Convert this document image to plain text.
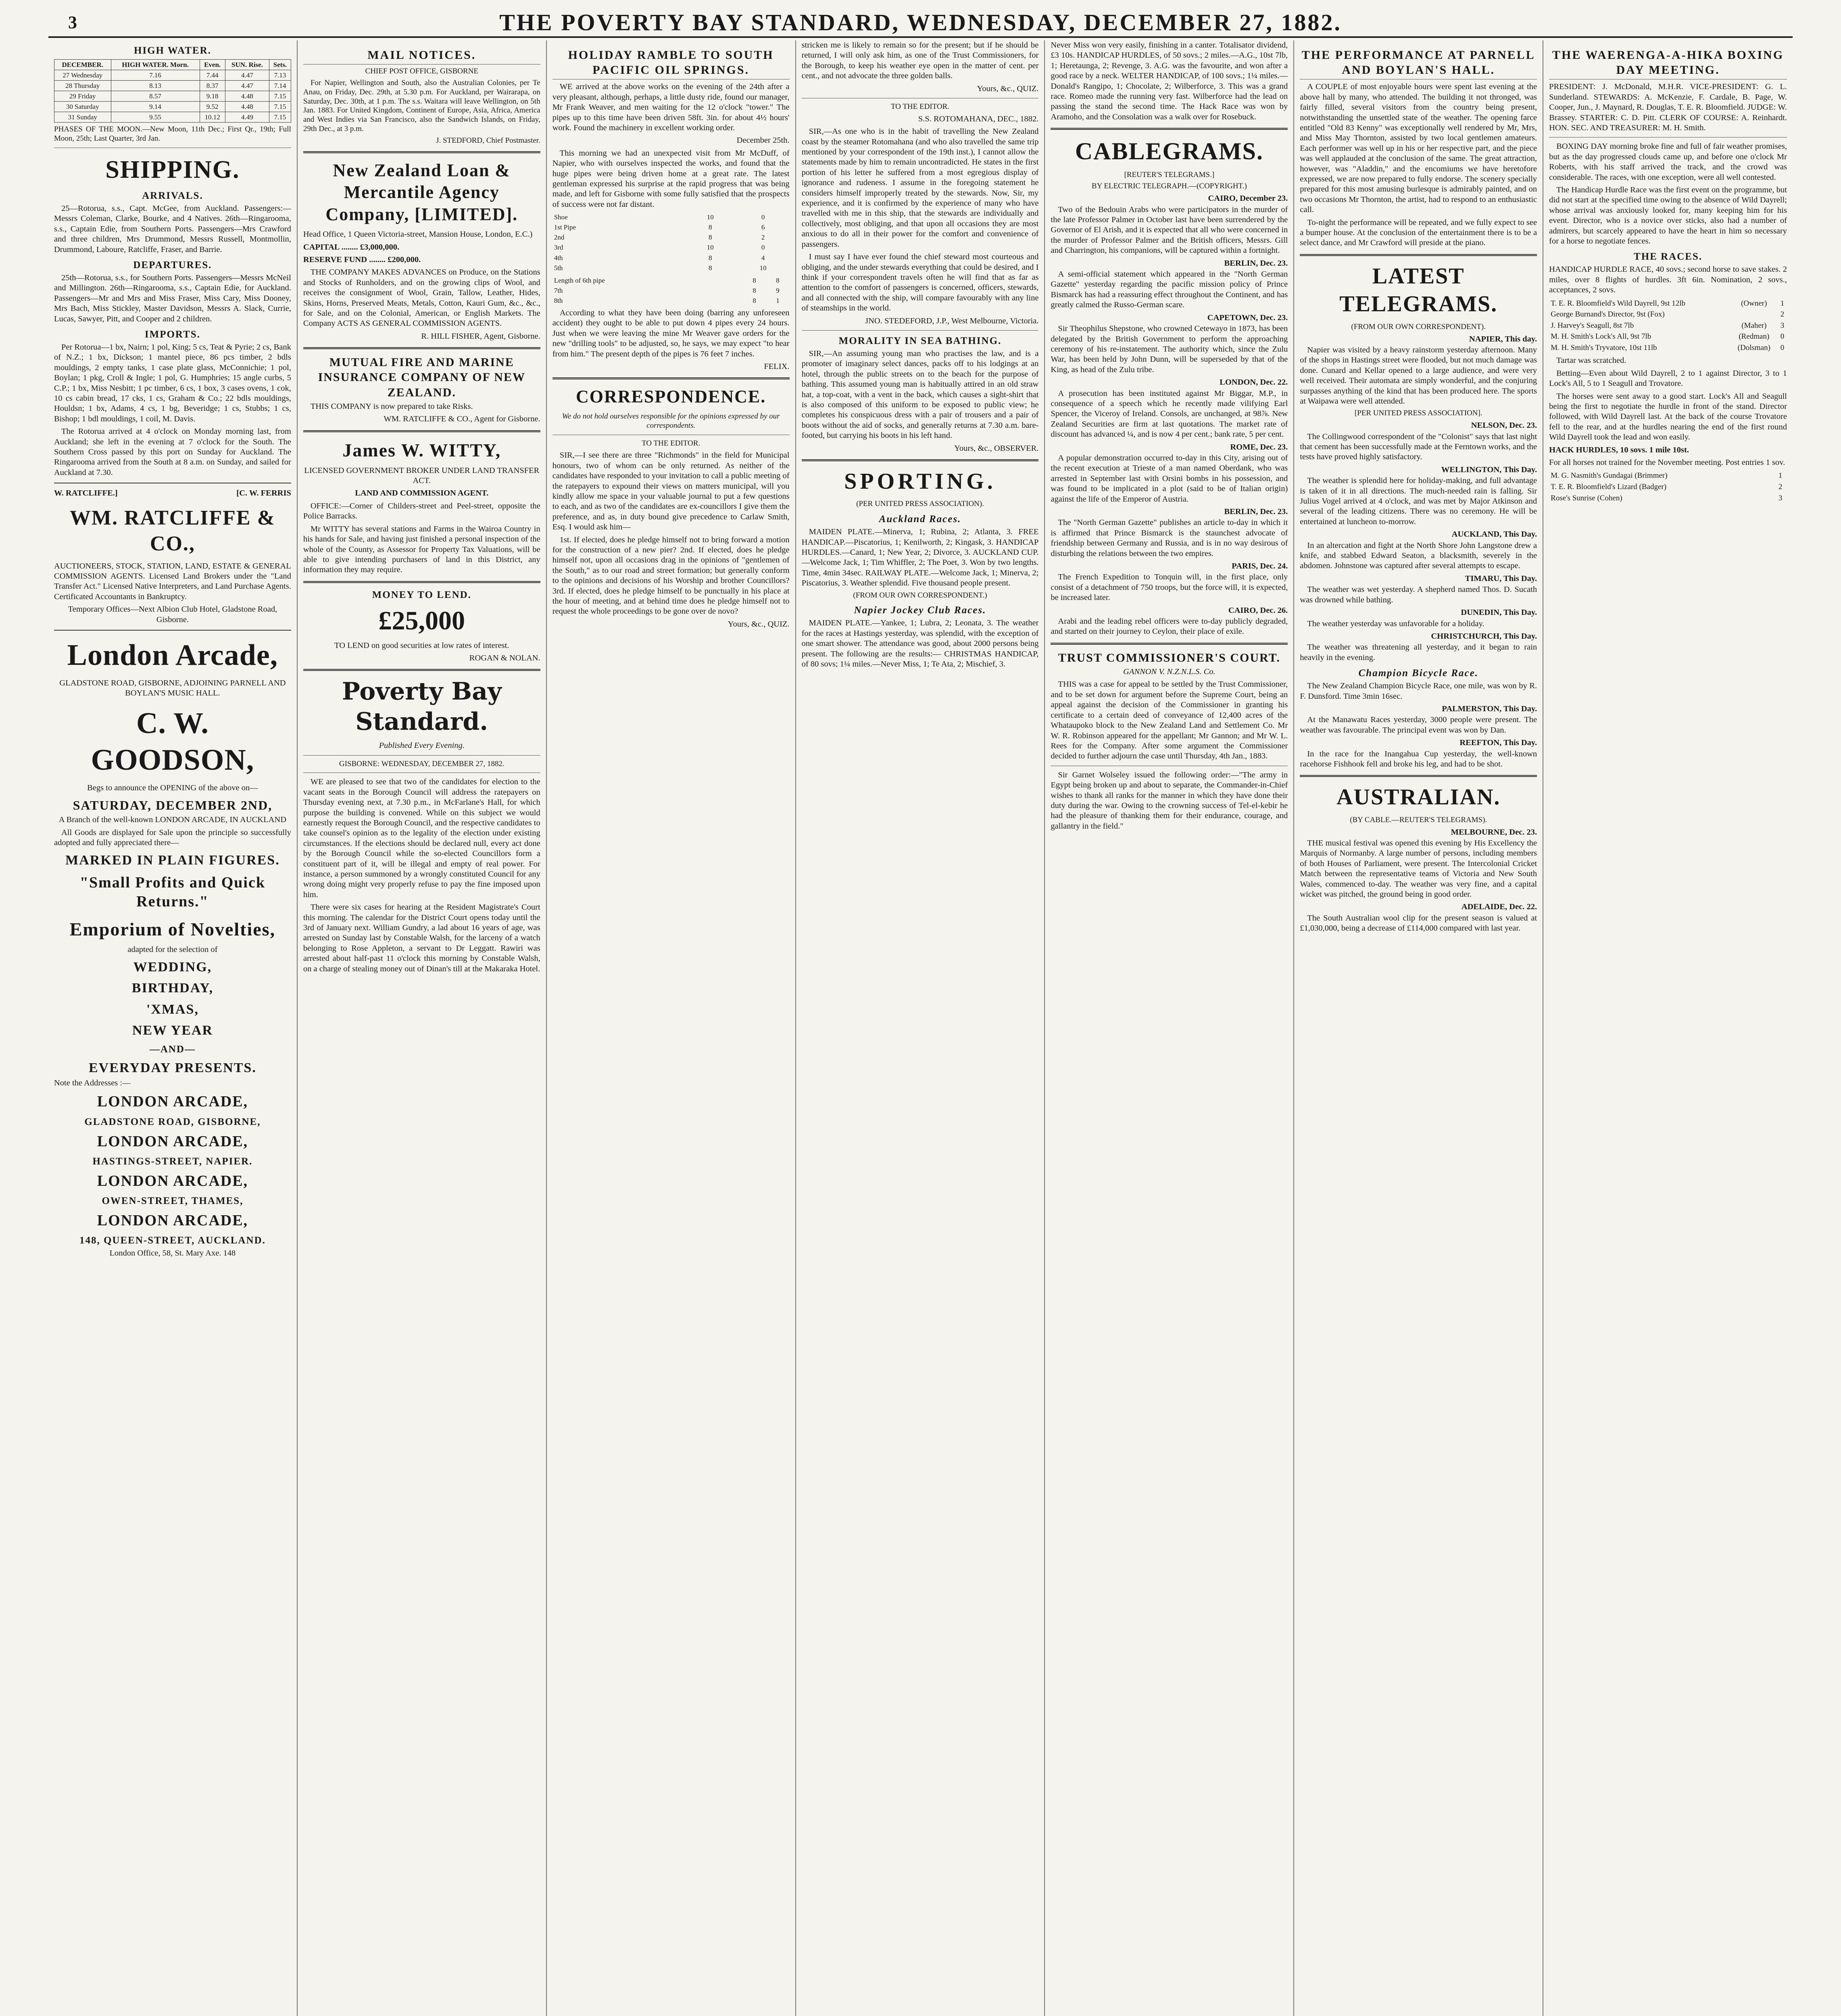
3	THE POVERTY BAY STANDARD, WEDNESDAY, DECEMBER 27, 1882.
HIGH WATER.
DECEMBER.	HIGH WATER. Morn.	Even.	SUN. Rise.	Sets.
27 Wednesday	7.16	7.44	4.47	7.13
28 Thursday	8.13	8.37	4.47	7.14
29 Friday	8.57	9.18	4.48	7.15
30 Saturday	9.14	9.52	4.48	7.15
31 Sunday	9.55	10.12	4.49	7.15

PHASES OF THE MOON.—New Moon, 11th Dec.; First Qr., 19th; Full Moon, 25th; Last Quarter, 3rd Jan.

SHIPPING.
ARRIVALS.

25—Rotorua, s.s., Capt. McGee, from Auckland. Passengers:— Messrs Coleman, Clarke, Bourke, and 4 Natives. 26th—Ringarooma, s.s., Captain Edie, from Southern Ports. Passengers—Mrs Crawford and three children, Mrs Drummond, Messrs Russell, Montmollin, Drummond, Laboure, Ratcliffe, Fraser, and Barrie.

DEPARTURES.

25th—Rotorua, s.s., for Southern Ports. Passengers—Messrs McNeil and Millington. 26th—Ringarooma, s.s., Captain Edie, for Auckland. Passengers—Mr and Mrs and Miss Fraser, Miss Cary, Miss Dooney, Mrs Bach, Miss Stickley, Master Davidson, Messrs A. Slack, Currie, Lucas, Sawyer, Pitt, and Cooper and 2 children.

IMPORTS.

Per Rotorua—1 bx, Nairn; 1 pol, King; 5 cs, Teat & Pyrie; 2 cs, Bank of N.Z.; 1 bx, Dickson; 1 mantel piece, 86 pcs timber, 2 bdls mouldings, 2 empty tanks, 1 case plate glass, McConnichie; 1 pol, Boylan; 1 pkg, Croll & Ingle; 1 pol, G. Humphries; 15 angle curbs, 5 C.P.; 1 bx, Miss Nesbitt; 1 pc timber, 6 cs, 1 box, 3 cases ovens, 1 cok, 10 cs cabin bread, 17 cks, 1 cs, Graham & Co.; 22 bdls mouldings, Houldsn; 1 bx, Adams, 4 cs, 1 bg, Beveridge; 1 cs, Stubbs; 1 cs, Bishop; 1 bdl mouldings, 1 coil, M. Davis.

The Rotorua arrived at 4 o'clock on Monday morning last, from Auckland; she left in the evening at 7 o'clock for the South. The Southern Cross passed by this port on Sunday for Auckland. The Ringarooma arrived from the South at 8 a.m. on Sunday, and sailed for Auckland at 7.30.

W. RATCLIFFE.]	[C. W. FERRIS
WM. RATCLIFFE & CO.,

AUCTIONEERS, STOCK, STATION, LAND, ESTATE & GENERAL COMMISSION AGENTS. Licensed Land Brokers under the "Land Transfer Act." Licensed Native Interpreters, and Land Purchase Agents. Certificated Accountants in Bankruptcy.

Temporary Offices—Next Albion Club Hotel, Gladstone Road, Gisborne.

London Arcade,

GLADSTONE ROAD, GISBORNE, ADJOINING PARNELL AND BOYLAN'S MUSIC HALL.

C. W. GOODSON,

Begs to announce the OPENING of the above on—

SATURDAY, DECEMBER 2ND,

A Branch of the well-known LONDON ARCADE, IN AUCKLAND

All Goods are displayed for Sale upon the principle so successfully adopted and fully appreciated there—

MARKED IN PLAIN FIGURES.
"Small Profits and Quick Returns."
Emporium of Novelties,

adapted for the selection of

WEDDING,
BIRTHDAY,
'XMAS,
NEW YEAR
—AND—
EVERYDAY PRESENTS.

Note the Addresses :—

LONDON ARCADE,
GLADSTONE ROAD, GISBORNE,
LONDON ARCADE,
HASTINGS-STREET, NAPIER.
LONDON ARCADE,
OWEN-STREET, THAMES,
LONDON ARCADE,
148, QUEEN-STREET, AUCKLAND.

London Office, 58, St. Mary Axe. 148

MAIL NOTICES.

CHIEF POST OFFICE, GISBORNE

For Napier, Wellington and South, also the Australian Colonies, per Te Anau, on Friday, Dec. 29th, at 5.30 p.m. For Auckland, per Wairarapa, on Saturday, Dec. 30th, at 1 p.m. The s.s. Waitara will leave Wellington, on 5th Jan. 1883. For United Kingdom, Continent of Europe, Asia, Africa, America and West Indies via San Francisco, also the Sandwich Islands, on Friday, 29th Dec., at 3 p.m.

J. STEDFORD, Chief Postmaster.

New Zealand Loan & Mercantile Agency Company, [LIMITED].

Head Office, 1 Queen Victoria-street, Mansion House, London, E.C.)

CAPITAL ........ £3,000,000.

RESERVE FUND ........ £200,000.

THE COMPANY MAKES ADVANCES on Produce, on the Stations and Stocks of Runholders, and on the growing clips of Wool, and receives the consignment of Wool, Grain, Tallow, Leather, Hides, Skins, Horns, Preserved Meats, Metals, Cotton, Kauri Gum, &c., &c., for Sale, and on the Colonial, American, or English Markets. The Company ACTS AS GENERAL COMMISSION AGENTS.

R. HILL FISHER, Agent, Gisborne.

MUTUAL FIRE AND MARINE INSURANCE COMPANY OF NEW ZEALAND.

THIS COMPANY is now prepared to take Risks.

WM. RATCLIFFE & CO., Agent for Gisborne.

James W. WITTY,

LICENSED GOVERNMENT BROKER UNDER LAND TRANSFER ACT.

LAND AND COMMISSION AGENT.

OFFICE:—Corner of Childers-street and Peel-street, opposite the Police Barracks.

Mr WITTY has several stations and Farms in the Wairoa Country in his hands for Sale, and having just finished a personal inspection of the whole of the County, as Assessor for Property Tax Valuations, will be able to give intending purchasers of land in this District, any information they may require.

MONEY TO LEND.
£25,000

TO LEND on good securities at low rates of interest.

ROGAN & NOLAN.

Poverty Bay Standard.

Published Every Evening.

GISBORNE: WEDNESDAY, DECEMBER 27, 1882.

WE are pleased to see that two of the candidates for election to the vacant seats in the Borough Council will address the ratepayers on Thursday evening next, at 7.30 p.m., in McFarlane's Hall, for which purpose the building is convened. While on this subject we would earnestly request the Borough Council, and the respective candidates to take counsel's opinion as to the legality of the election under existing circumstances. If the elections should be declared null, every act done by the Borough Council while the so-elected Councillors form a constituent part of it, will be illegal and empty of real power. For instance, a person summoned by a wrongly constituted Council for any wrong doing might very properly refuse to pay the fine imposed upon him.

There were six cases for hearing at the Resident Magistrate's Court this morning. The calendar for the District Court opens today until the 3rd of January next. William Gundry, a lad about 16 years of age, was arrested on Sunday last by Constable Walsh, for the larceny of a watch belonging to Rose Appleton, a servant to Dr Leggatt. Rawiri was arrested about half-past 11 o'clock this morning by Constable Walsh, on a charge of stealing money out of Dinan's till at the Makaraka Hotel.

HOLIDAY RAMBLE TO SOUTH PACIFIC OIL SPRINGS.

WE arrived at the above works on the evening of the 24th after a very pleasant, although, perhaps, a little dusty ride, found our manager, Mr Frank Weaver, and men waiting for the 12 o'clock "tower." The pipes up to this time have been driven 58ft. 3in. for about 4½ hours' work. Found the machinery in excellent working order.

December 25th.

This morning we had an unexpected visit from Mr McDuff, of Napier, who with ourselves inspected the works, and found that the huge pipes were being driven home at a great rate. The latest gentleman expressed his surprise at the rapid progress that was being made, and left for Gisborne with some fully satisfied that the prospects of success were not far distant.

Shoe	10	0
1st Pipe	8	6
2nd	8	2
3rd	10	0
4th	8	4
5th	8	10
Length of 6th pipe	8	8
7th	8	9
8th	8	1

According to what they have been doing (barring any unforeseen accident) they ought to be able to put down 4 pipes every 24 hours. Just when we were leaving the mine Mr Weaver gave orders for the new "drilling tools" to be adjusted, so, he says, we may expect "to hear from him." The present depth of the pipes is 76 feet 7 inches.

FELIX.

CORRESPONDENCE.

We do not hold ourselves responsible for the opinions expressed by our correspondents.

TO THE EDITOR.

SIR,—I see there are three "Richmonds" in the field for Municipal honours, two of whom can be only returned. As neither of the candidates have responded to your invitation to call a public meeting of the ratepayers to expound their views on matters municipal, will you kindly allow me space in your valuable journal to put a few questions to each, and as two of the candidates are ex-councillors I give them the preference, and as, in duty bound give precedence to Carlaw Smith, Esq. I would ask him—

1st. If elected, does he pledge himself not to bring forward a motion for the construction of a new pier? 2nd. If elected, does he pledge himself not, upon all occasions drag in the opinions of "gentlemen of the South," as to our road and street formation; but generally conform to the opinions and decisions of his Worship and brother Councillors? 3rd. If elected, does he pledge himself to be punctually in his place at the hour of meeting, and at behind time does he pledge himself not to request the whole proceedings to be gone over de novo?

Yours, &c., QUIZ.

stricken me is likely to remain so for the present; but if he should be returned, I will only ask him, as one of the Trust Commissioners, for the Borough, to keep his weather eye open in the matter of cent. per cent., and not advocate the three golden balls.

Yours, &c., QUIZ.

TO THE EDITOR.

S.S. ROTOMAHANA, DEC., 1882.

SIR,—As one who is in the habit of travelling the New Zealand coast by the steamer Rotomahana (and who also travelled the same trip mentioned by your correspondent of the 19th inst.), I cannot allow the statements made by him to remain uncontradicted. He states in the first portion of his letter he suffered from a most egregious display of ignorance and rudeness. I assume in the foregoing statement he considers himself improperly treated by the stewards. Now, Sir, my experience, and it is confirmed by the experience of many who have travelled with me in this ship, that the stewards are individually and collectively, most obliging, and that upon all occasions they are most anxious to do all in their power for the comfort and convenience of passengers.

I must say I have ever found the chief steward most courteous and obliging, and the under stewards everything that could be desired, and I think if your correspondent travels often he will find that as far as attention to the comfort of passengers is concerned, officers, stewards, and all connected with the ship, will compare favourably with any line of steamships in the world.

JNO. STEDEFORD, J.P., West Melbourne, Victoria.

MORALITY IN SEA BATHING.

SIR,—An assuming young man who practises the law, and is a promoter of imaginary select dances, packs off to his lodgings at an hotel, through the public streets on to the beach for the purpose of bathing. This assumed young man is habitually attired in an old straw hat, a top-coat, with a vent in the back, which causes a sight-shirt that is also composed of this uniform to be exposed to public view; he completes his conspicuous dress with a pair of trousers and a pair of boots without the aid of socks, and generally returns at 7.30 a.m. bare-footed, but carrying his boots in his left hand.

Yours, &c., OBSERVER.

SPORTING.

(PER UNITED PRESS ASSOCIATION).

Auckland Races.

MAIDEN PLATE.—Minerva, 1; Rubina, 2; Atlanta, 3. FREE HANDICAP.—Piscatorius, 1; Kenilworth, 2; Kingask, 3. HANDICAP HURDLES.—Canard, 1; New Year, 2; Divorce, 3. AUCKLAND CUP.—Welcome Jack, 1; Tim Whiffler, 2; The Poet, 3. Won by two lengths. Time, 4min 34sec. RAILWAY PLATE.—Welcome Jack, 1; Minerva, 2; Piscatorius, 3. Weather splendid. Five thousand people present.

(FROM OUR OWN CORRESPONDENT.)

Napier Jockey Club Races.

MAIDEN PLATE.—Yankee, 1; Lubra, 2; Leonata, 3. The weather for the races at Hastings yesterday, was splendid, with the exception of one smart shower. The attendance was good, about 2000 persons being present. The following are the results:— CHRISTMAS HANDICAP, of 80 sovs; 1¼ miles.—Never Miss, 1; Te Ata, 2; Mischief, 3.

Never Miss won very easily, finishing in a canter. Totalisator dividend, £3 10s. HANDICAP HURDLES, of 50 sovs.; 2 miles.—A.G., 10st 7lb, 1; Heretaunga, 2; Revenge, 3. A.G. was the favourite, and won after a good race by a neck. WELTER HANDICAP, of 100 sovs.; 1¼ miles.—Donald's Rangipo, 1; Chocolate, 2; Wilberforce, 3. This was a grand race. Romeo made the running very fast. Wilberforce had the lead on passing the stand the second time. The Hack Race was won by Aramoho, and the Consolation was a walk over for Rosebuck.

CABLEGRAMS.

[REUTER'S TELEGRAMS.]

BY ELECTRIC TELEGRAPH.—(COPYRIGHT.)

CAIRO, December 23.

Two of the Bedouin Arabs who were participators in the murder of the late Professor Palmer in October last have been surrendered by the Governor of El Arish, and it is expected that all who were concerned in the murder of Professor Palmer and the British officers, Messrs. Gill and Charrington, his companions, will be captured within a fortnight.

BERLIN, Dec. 23.

A semi-official statement which appeared in the "North German Gazette" yesterday regarding the pacific mission policy of Prince Bismarck has had a reassuring effect throughout the Continent, and has greatly calmed the Russo-German scare.

CAPETOWN, Dec. 23.

Sir Theophilus Shepstone, who crowned Cetewayo in 1873, has been delegated by the British Government to perform the approaching ceremony of his re-instatement. The authority which, since the Zulu War, has been held by John Dunn, will be superseded by that of the King, as head of the Zulu tribe.

LONDON, Dec. 22.

A prosecution has been instituted against Mr Biggar, M.P., in consequence of a speech which he recently made vilifying Earl Spencer, the Viceroy of Ireland. Consols, are unchanged, at 98⅞. New Zealand Securities are firm at last quotations. The market rate of discount has advanced ¼, and is now 4 per cent.; bank rate, 5 per cent.

ROME, Dec. 23.

A popular demonstration occurred to-day in this City, arising out of the recent execution at Trieste of a man named Oberdank, who was arrested in September last with Orsini bombs in his possession, and was found to be implicated in a plot (said to be of Italian origin) against the life of the Emperor of Austria.

BERLIN, Dec. 23.

The "North German Gazette" publishes an article to-day in which it is affirmed that Prince Bismarck is the staunchest advocate of friendship between Germany and Russia, and is in no way desirous of disturbing the relations between the two empires.

PARIS, Dec. 24.

The French Expedition to Tonquin will, in the first place, only consist of a detachment of 750 troops, but the force will, it is expected, be increased later.

CAIRO, Dec. 26.

Arabi and the leading rebel officers were to-day publicly degraded, and started on their journey to Ceylon, their place of exile.

TRUST COMMISSIONER'S COURT.

GANNON V. N.Z.N.L.S. Co.

THIS was a case for appeal to be settled by the Trust Commissioner, and to be set down for argument before the Supreme Court, being an appeal against the decision of the Commissioner in granting his certificate to a certain deed of conveyance of 12,400 acres of the Whataupoko block to the New Zealand Land and Settlement Co. Mr W. R. Robinson appeared for the appellant; Mr Gannon; and Mr W. L. Rees for the Company. After some argument the Commissioner decided to further adjourn the case until Thursday, 4th Jan., 1883.

Sir Garnet Wolseley issued the following order:—"The army in Egypt being broken up and about to separate, the Commander-in-Chief wishes to thank all ranks for the manner in which they have done their duty during the war. Owing to the crowning success of Tel-el-kebir he had the pleasure of thanking them for their endurance, courage, and gallantry in the field."

THE PERFORMANCE AT PARNELL AND BOYLAN'S HALL.

A COUPLE of most enjoyable hours were spent last evening at the above hall by many, who attended. The building it not thronged, was fairly filled, several visitors from the country being present, notwithstanding the unsettled state of the weather. The opening farce entitled "Old 83 Kenny" was exceptionally well rendered by Mr, Mrs, and Miss May Thornton, assisted by two local gentlemen amateurs. Each performer was well up in his or her respective part, and the piece was well applauded at the conclusion of the same. The great attraction, however, was "Aladdin," and the encomiums we have heretofore expressed, we are now prepared to fully endorse. The scenery specially prepared for this most amusing burlesque is admirably painted, and on two occasions Mr Thornton, the artist, had to respond to an enthusiastic call.

To-night the performance will be repeated, and we fully expect to see a bumper house. At the conclusion of the entertainment there is to be a select dance, and Mr Crawford will preside at the piano.

LATEST TELEGRAMS.

(FROM OUR OWN CORRESPONDENT).

NAPIER, This day.

Napier was visited by a heavy rainstorm yesterday afternoon. Many of the shops in Hastings street were flooded, but not much damage was done. Cunard and Kellar opened to a large audience, and were very well received. Their automata are simply wonderful, and the conjuring surpasses anything of the kind that has been produced here. The sports at Waipawa were well attended.

[PER UNITED PRESS ASSOCIATION].

NELSON, Dec. 23.

The Collingwood correspondent of the "Colonist" says that last night that cement has been successfully made at the Ferntown works, and the tests have proved highly satisfactory.

WELLINGTON, This Day.

The weather is splendid here for holiday-making, and full advantage is taken of it in all directions. The much-needed rain is falling. Sir Julius Vogel arrived at 4 o'clock, and was met by Major Atkinson and several of the leading citizens. There was no ceremony. He will be entertained at luncheon to-morrow.

AUCKLAND, This Day.

In an altercation and fight at the North Shore John Langstone drew a knife, and stabbed Edward Seaton, a blacksmith, severely in the abdomen. Johnstone was captured after several attempts to escape.

TIMARU, This Day.

The weather was wet yesterday. A shepherd named Thos. D. Sucath was drowned while bathing.

DUNEDIN, This Day.

The weather yesterday was unfavorable for a holiday.

CHRISTCHURCH, This Day.

The weather was threatening all yesterday, and it began to rain heavily in the evening.

Champion Bicycle Race.

The New Zealand Champion Bicycle Race, one mile, was won by R. F. Dunsford. Time 3min 16sec.

PALMERSTON, This Day.

At the Manawatu Races yesterday, 3000 people were present. The weather was favourable. The principal event was won by Dan.

REEFTON, This Day.

In the race for the Inangahua Cup yesterday, the well-known racehorse Fishhook fell and broke his leg, and had to be shot.

AUSTRALIAN.

(BY CABLE.—REUTER'S TELEGRAMS).

MELBOURNE, Dec. 23.

THE musical festival was opened this evening by His Excellency the Marquis of Normanby. A large number of persons, including members of both Houses of Parliament, were present. The Intercolonial Cricket Match between the representative teams of Victoria and New South Wales, commenced to-day. The weather was very fine, and a capital wicket was pitched, the ground being in good order.

ADELAIDE, Dec. 22.

The South Australian wool clip for the present season is valued at £1,030,000, being a decrease of £114,000 compared with last year.

THE WAERENGA-A-HIKA BOXING DAY MEETING.

PRESIDENT: J. McDonald, M.H.R. VICE-PRESIDENT: G. L. Sunderland. STEWARDS: A. McKenzie, F. Cardale, B. Page, W. Cooper, Jun., J. Maynard, R. Douglas, T. E. R. Bloomfield. JUDGE: W. Brassey. STARTER: C. D. Pitt. CLERK OF COURSE: A. Reinhardt. HON. SEC. AND TREASURER: M. H. Smith.

BOXING DAY morning broke fine and full of fair weather promises, but as the day progressed clouds came up, and before one o'clock Mr Roberts, with his staff arrived the track, and the crowd was considerable. The races, with one exception, were all well contested.

The Handicap Hurdle Race was the first event on the programme, but did not start at the specified time owing to the absence of Wild Dayrell; whose arrival was anxiously looked for, many keeping him for his event. Director, who is a novice over sticks, also had a number of admirers, but scarcely appeared to have the heart in him so necessary for a horse to negotiate fences.

THE RACES.

HANDICAP HURDLE RACE, 40 sovs.; second horse to save stakes. 2 miles, over 8 flights of hurdles. 3ft 6in. Nomination, 2 sovs., acceptances, 2 sovs.

T. E. R. Bloomfield's Wild Dayrell, 9st 12lb	(Owner)	1
George Burnand's Director, 9st (Fox)		2
J. Harvey's Seagull, 8st 7lb	(Maher)	3
M. H. Smith's Lock's All, 9st 7lb	(Redman)	0
M. H. Smith's Tryvatore, 10st 11lb	(Dolsman)	0

Tartar was scratched.

Betting—Even about Wild Dayrell, 2 to 1 against Director, 3 to 1 Lock's All, 5 to 1 Seagull and Trovatore.

The horses were sent away to a good start. Lock's All and Seagull being the first to negotiate the hurdle in front of the stand. Director followed, with Wild Dayrell last. At the back of the course Trovatore fell to the rear, and at the hurdles nearing the end of the first round Wild Dayrell took the lead and won easily.

HACK HURDLES, 10 sovs. 1 mile 10st.

For all horses not trained for the November meeting. Post entries 1 sov.

M. G. Nasmith's Gundagai (Brimmer)	1
T. E. R. Bloomfield's Lizard (Badger)	2
Rose's Sunrise (Cohen)	3
